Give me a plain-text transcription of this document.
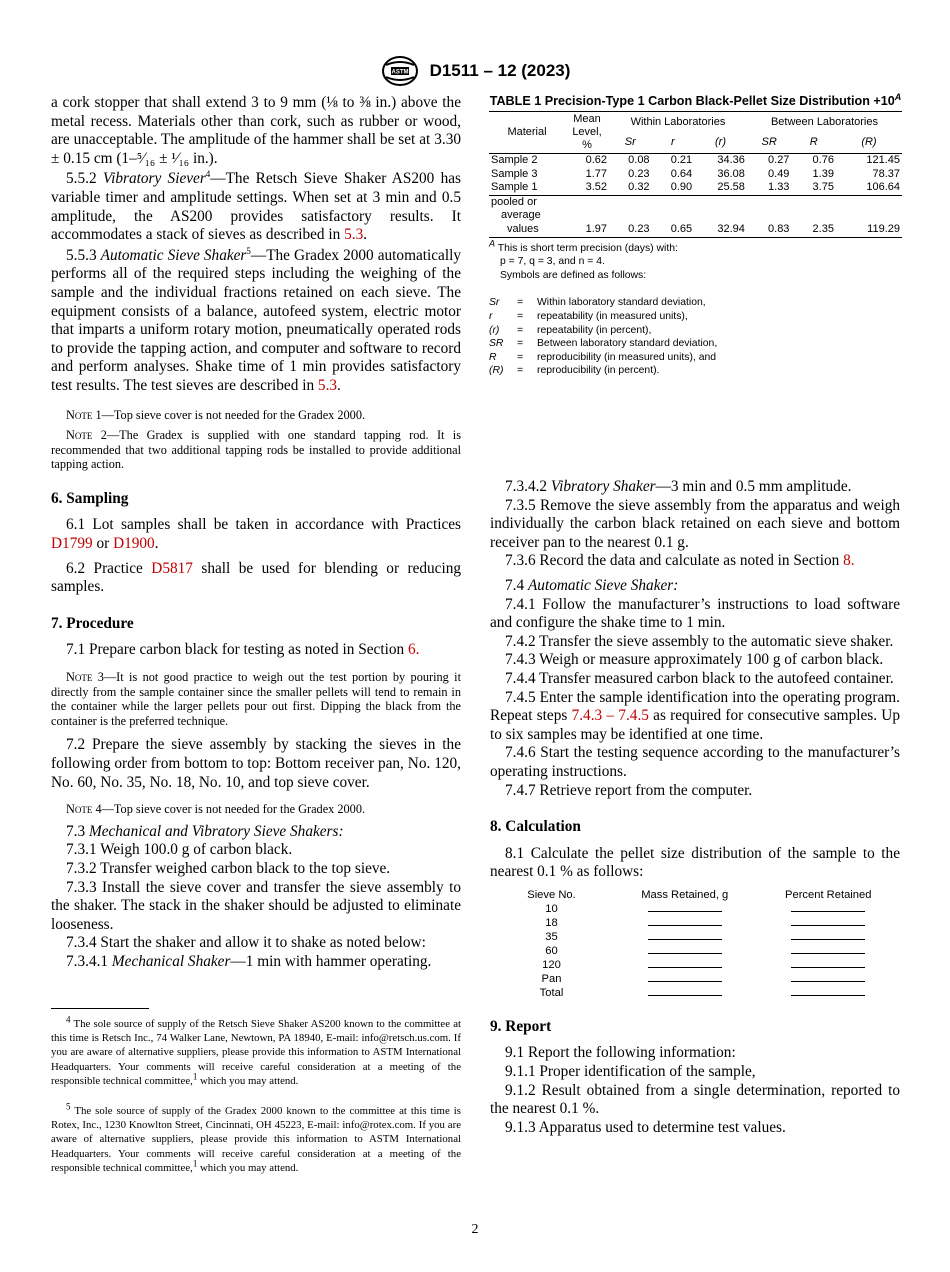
ASTM D1511 – 12 (2023)

a cork stopper that shall extend 3 to 9 mm (⅛ to ⅜ in.) above the metal recess. Materials other than cork, such as rubber or wood, are unacceptable. The amplitude of the hammer shall be set at 3.30 ± 0.15 cm (1–⁵⁄₁₆ ± ¹⁄₁₆ in.).

5.5.2 Vibratory Siever$^4$—The Retsch Sieve Shaker AS200 has variable timer and amplitude settings. When set at 3 min and 0.5 amplitude, the AS200 provides satisfactory results. It accommodates a stack of sieves as described in 5.3.

5.5.3 Automatic Sieve Shaker$^5$—The Gradex 2000 automatically performs all of the required steps including the weighing of the sample and the individual fractions retained on each sieve. The equipment consists of a balance, autofeed system, electric motor that imparts a uniform rotary motion, pneumatically operated rods to provide the tapping action, and computer and software to record and perform analyses. Shake time of 1 min provides satisfactory test results. The test sieves are described in 5.3.

Note 1—Top sieve cover is not needed for the Gradex 2000.

Note 2—The Gradex is supplied with one standard tapping rod. It is recommended that two additional tapping rods be installed to provide additional tapping action.

6. Sampling

6.1 Lot samples shall be taken in accordance with Practices D1799 or D1900.

6.2 Practice D5817 shall be used for blending or reducing samples.

7. Procedure

7.1 Prepare carbon black for testing as noted in Section 6.

Note 3—It is not good practice to weigh out the test portion by pouring it directly from the sample container since the smaller pellets will tend to remain in the container while the larger pellets pour out first. Dipping the black from the container is the preferred technique.

7.2 Prepare the sieve assembly by stacking the sieves in the following order from bottom to top: Bottom receiver pan, No. 120, No. 60, No. 35, No. 18, No. 10, and top sieve cover.

Note 4—Top sieve cover is not needed for the Gradex 2000.

7.3 Mechanical and Vibratory Sieve Shakers:

7.3.1 Weigh 100.0 g of carbon black.

7.3.2 Transfer weighed carbon black to the top sieve.

7.3.3 Install the sieve cover and transfer the sieve assembly to the shaker. The stack in the shaker should be adjusted to eliminate looseness.

7.3.4 Start the shaker and allow it to shake as noted below:

7.3.4.1 Mechanical Shaker—1 min with hammer operating.

$^4$ The sole source of supply of the Retsch Sieve Shaker AS200 known to the committee at this time is Retsch Inc., 74 Walker Lane, Newtown, PA 18940, E-mail: info@retsch.us.com. If you are aware of alternative suppliers, please provide this information to ASTM International Headquarters. Your comments will receive careful consideration at a meeting of the responsible technical committee,$^1$ which you may attend.

$^5$ The sole source of supply of the Gradex 2000 known to the committee at this time is Rotex, Inc., 1230 Knowlton Street, Cincinnati, OH 45223, E-mail: info@rotex.com. If you are aware of alternative suppliers, please provide this information to ASTM International Headquarters. Your comments will receive careful consideration at a meeting of the responsible technical committee,$^1$ which you may attend.

TABLE 1 Precision-Type 1 Carbon Black-Pellet Size Distribution $+10^A$
Material	Mean Level, %	Within Laboratories			Between Laboratories		
		Sr	r	(r)	SR	R	(R)
Sample 2	0.62	0.08	0.21	34.36	0.27	0.76	121.45
Sample 3	1.77	0.23	0.64	36.08	0.49	1.39	78.37
Sample 1	3.52	0.32	0.90	25.58	1.33	3.75	106.64
pooled or							
average							
values	1.97	0.23	0.65	32.94	0.83	2.35	119.29
$^A$ This is short term precision (days) with:
p = 7, q = 3, and n = 4.
Symbols are defined as follows:
Sr	=	Within laboratory standard deviation,
r	=	repeatability (in measured units),
(r)	=	repeatability (in percent),
SR	=	Between laboratory standard deviation,
R	=	reproducibility (in measured units), and
(R)	=	reproducibility (in percent).

7.3.4.2 Vibratory Shaker—3 min and 0.5 mm amplitude.

7.3.5 Remove the sieve assembly from the apparatus and weigh individually the carbon black retained on each sieve and bottom receiver pan to the nearest 0.1 g.

7.3.6 Record the data and calculate as noted in Section 8.

7.4 Automatic Sieve Shaker:

7.4.1 Follow the manufacturer’s instructions to load software and configure the shake time to 1 min.

7.4.2 Transfer the sieve assembly to the automatic sieve shaker.

7.4.3 Weigh or measure approximately 100 g of carbon black.

7.4.4 Transfer measured carbon black to the autofeed container.

7.4.5 Enter the sample identification into the operating program. Repeat steps 7.4.3 – 7.4.5 as required for consecutive samples. Up to six samples may be identified at one time.

7.4.6 Start the testing sequence according to the manufacturer’s operating instructions.

7.4.7 Retrieve report from the computer.

8. Calculation

8.1 Calculate the pellet size distribution of the sample to the nearest 0.1 % as follows:

Sieve No.	Mass Retained, g	Percent Retained
10		
18		
35		
60		
120		
Pan		
Total		

9. Report

9.1 Report the following information:

9.1.1 Proper identification of the sample,

9.1.2 Result obtained from a single determination, reported to the nearest 0.1 %.

9.1.3 Apparatus used to determine test values.

2
